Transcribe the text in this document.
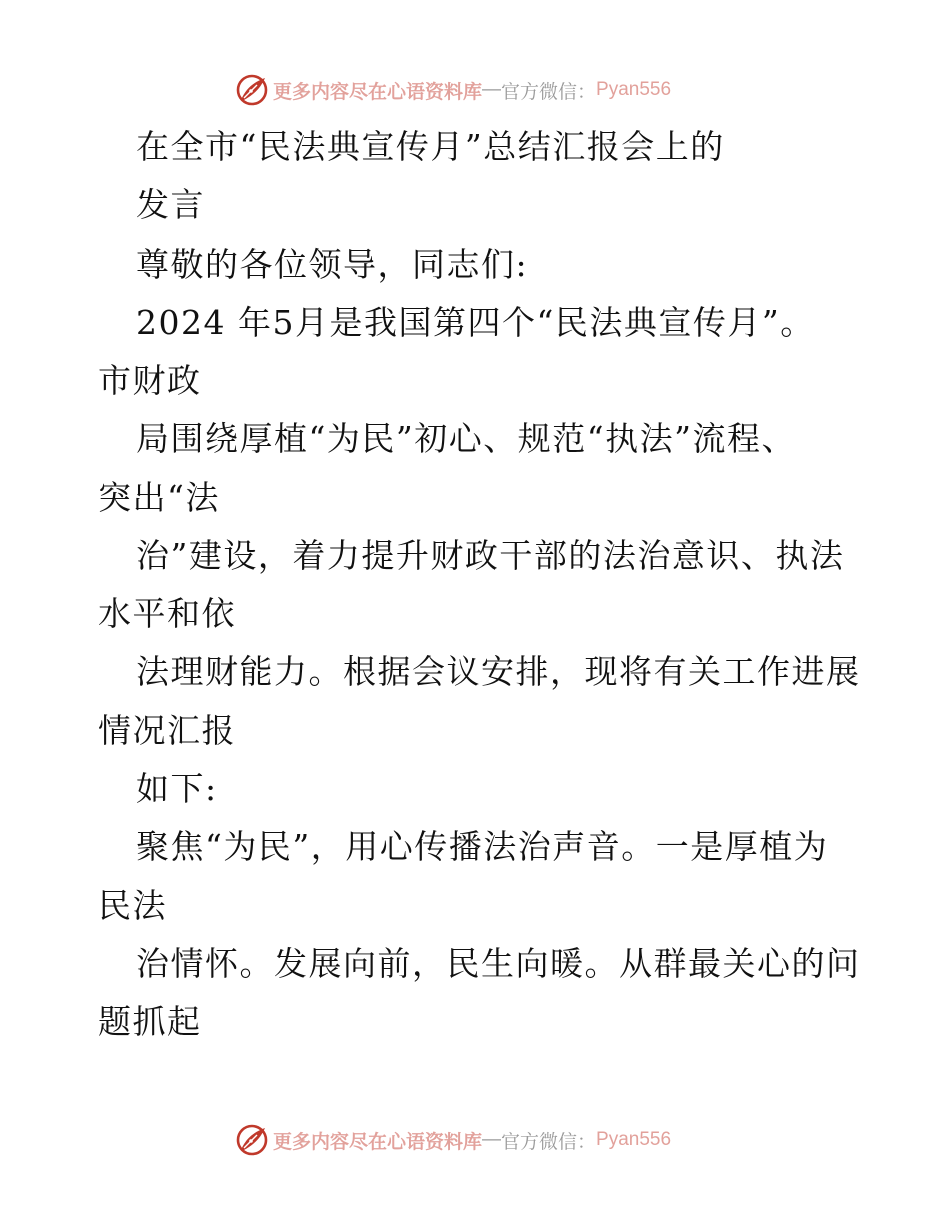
更多内容尽在心语资料库 — 官方微信： Pyan556
在全市“民法典宣传月”总结汇报会上的
发言
尊敬的各位领导，同志们:
2024 年5月是我国第四个“民法典宣传月”。
市财政
局围绕厚植“为民”初心、规范“执法”流程、
突出“法
治”建设，着力提升财政干部的法治意识、执法
水平和依
法理财能力。根据会议安排，现将有关工作进展
情况汇报
如下:
聚焦“为民”，用心传播法治声音。一是厚植为
民法
治情怀。发展向前，民生向暖。从群最关心的问
题抓起
更多内容尽在心语资料库 — 官方微信： Pyan556
